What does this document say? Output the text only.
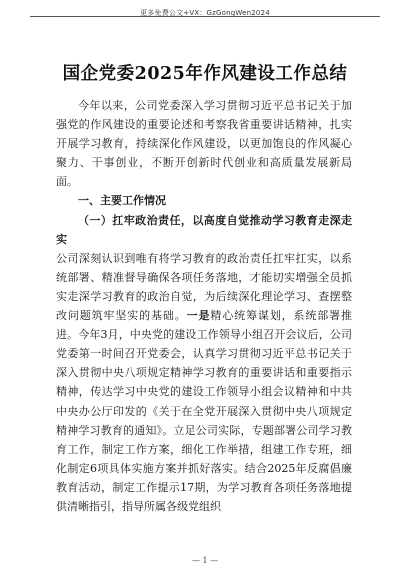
更多免费公文+VX：GzGongWen2024
国企党委2025年作风建设工作总结

今年以来，公司党委深入学习贯彻习近平总书记关于加强党的作风建设的重要论述和考察我省重要讲话精神，扎实开展学习教育，持续深化作风建设，以更加饱良的作风凝心聚力、干事创业，不断开创新时代创业和高质量发展新局面。

一、主要工作情况

（一）扛牢政治责任，以高度自觉推动学习教育走深走实

公司深刻认识到唯有将学习教育的政治责任扛牢扛实，以系统部署、精准督导确保各项任务落地，才能切实增强全员抓实走深学习教育的政治自觉，为后续深化理论学习、查摆整改问题筑牢坚实的基础。一是精心统筹谋划，系统部署推进。今年3月，中央党的建设工作领导小组召开会议后，公司党委第一时间召开党委会，认真学习贯彻习近平总书记关于深入贯彻中央八项规定精神学习教育的重要讲话和重要指示精神，传达学习中央党的建设工作领导小组会议精神和中共中央办公厅印发的《关于在全党开展深入贯彻中央八项规定精神学习教育的通知》。立足公司实际，专题部署公司学习教育工作，制定工作方案，细化工作举措，组建工作专班，细化制定6项具体实施方案并抓好落实。结合2025年反腐倡廉教育活动，制定工作提示17期，为学习教育各项任务落地提供清晰指引，指导所属各级党组织

— 1 —
